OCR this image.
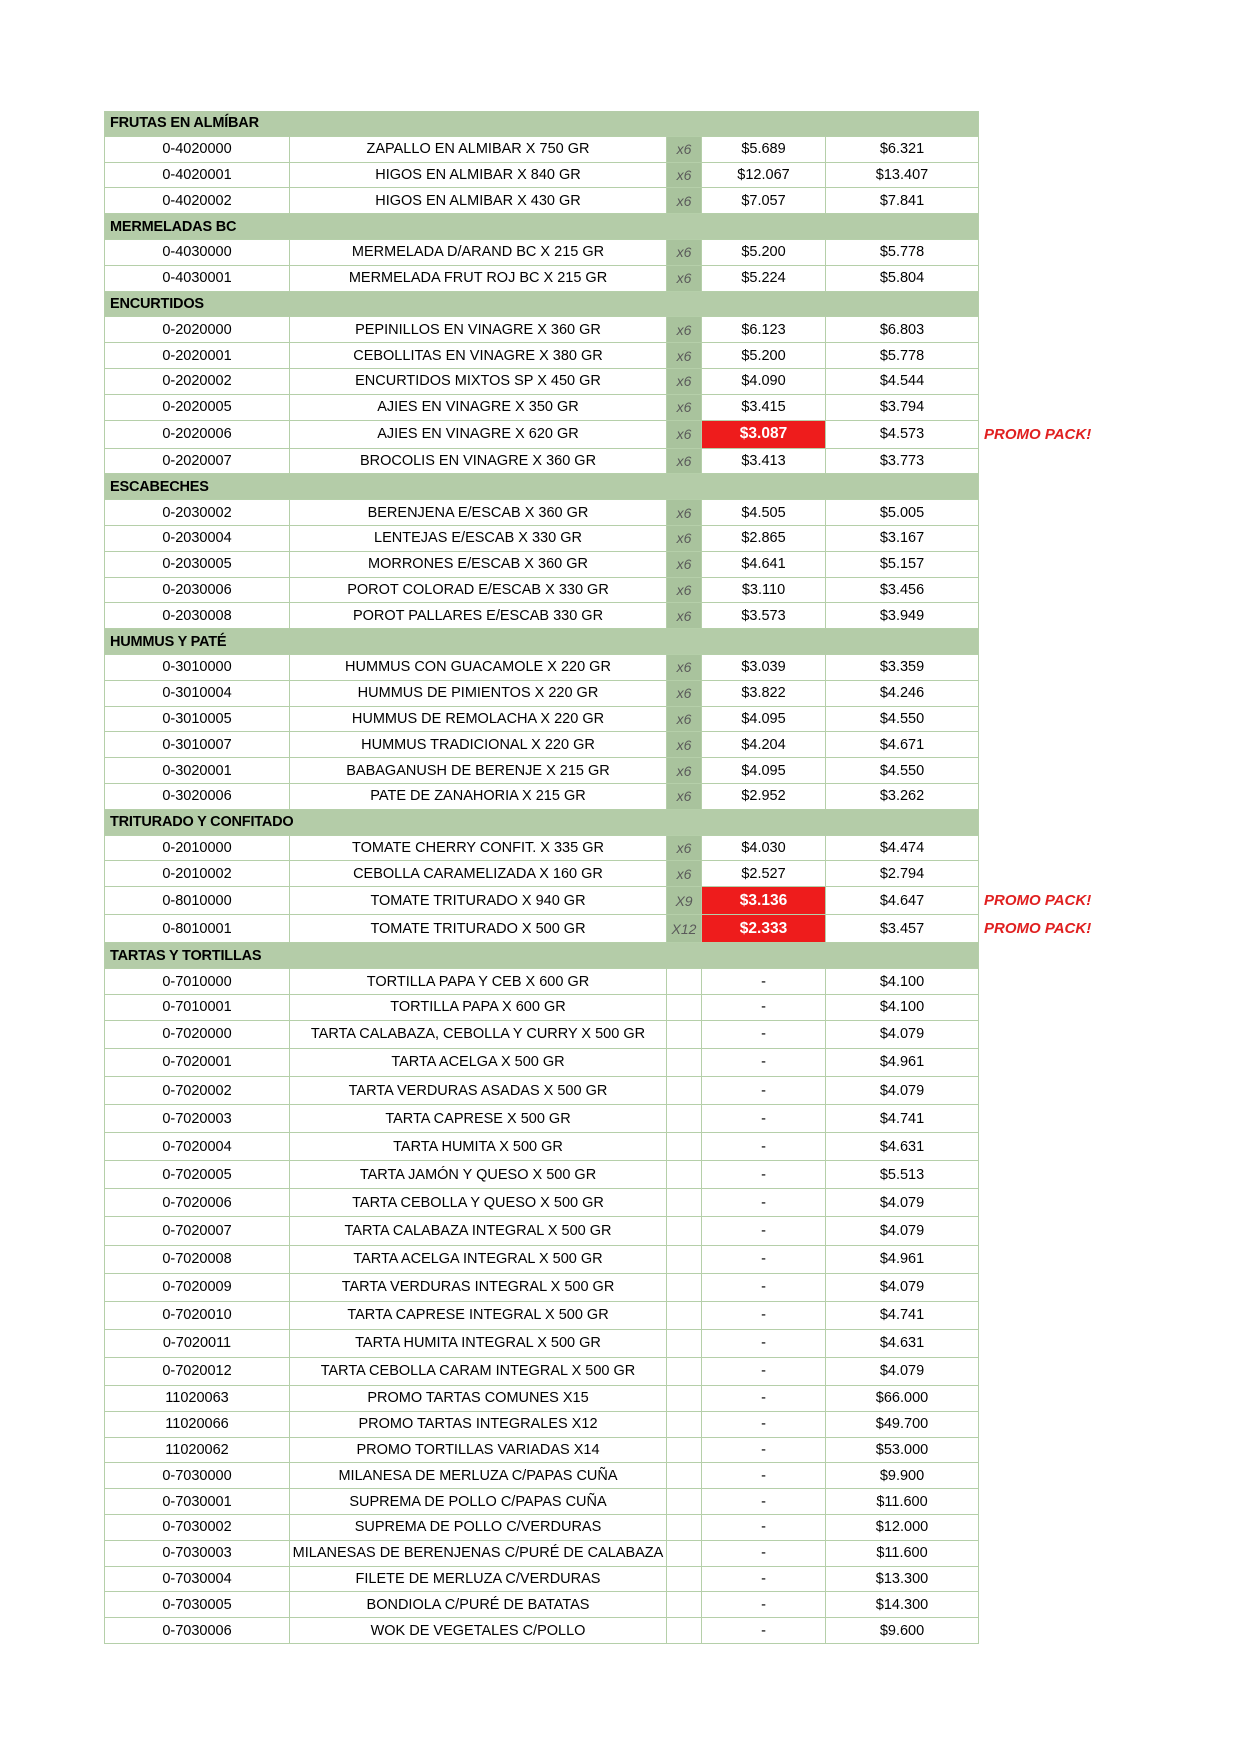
FRUTAS EN ALMÍBAR
0-4020000	ZAPALLO EN ALMIBAR X 750 GR	x6	$5.689	$6.321
0-4020001	HIGOS EN ALMIBAR X 840 GR	x6	$12.067	$13.407
0-4020002	HIGOS EN ALMIBAR X 430 GR	x6	$7.057	$7.841
MERMELADAS BC
0-4030000	MERMELADA D/ARAND BC X 215 GR	x6	$5.200	$5.778
0-4030001	MERMELADA FRUT ROJ BC X 215 GR	x6	$5.224	$5.804
ENCURTIDOS
0-2020000	PEPINILLOS EN VINAGRE X 360 GR	x6	$6.123	$6.803
0-2020001	CEBOLLITAS EN VINAGRE X 380 GR	x6	$5.200	$5.778
0-2020002	ENCURTIDOS MIXTOS SP X 450 GR	x6	$4.090	$4.544
0-2020005	AJIES EN VINAGRE X 350 GR	x6	$3.415	$3.794
0-2020006	AJIES EN VINAGRE X 620 GR	x6	$3.087	$4.573	PROMO PACK!
0-2020007	BROCOLIS EN VINAGRE X 360 GR	x6	$3.413	$3.773
ESCABECHES
0-2030002	BERENJENA E/ESCAB X 360 GR	x6	$4.505	$5.005
0-2030004	LENTEJAS E/ESCAB X 330 GR	x6	$2.865	$3.167
0-2030005	MORRONES E/ESCAB X 360 GR	x6	$4.641	$5.157
0-2030006	POROT COLORAD E/ESCAB X 330 GR	x6	$3.110	$3.456
0-2030008	POROT PALLARES E/ESCAB 330 GR	x6	$3.573	$3.949
HUMMUS Y PATÉ
0-3010000	HUMMUS CON GUACAMOLE X 220 GR	x6	$3.039	$3.359
0-3010004	HUMMUS DE PIMIENTOS X 220 GR	x6	$3.822	$4.246
0-3010005	HUMMUS DE REMOLACHA X 220 GR	x6	$4.095	$4.550
0-3010007	HUMMUS TRADICIONAL X 220 GR	x6	$4.204	$4.671
0-3020001	BABAGANUSH DE BERENJE X 215 GR	x6	$4.095	$4.550
0-3020006	PATE DE ZANAHORIA X 215 GR	x6	$2.952	$3.262
TRITURADO Y CONFITADO
0-2010000	TOMATE CHERRY CONFIT. X 335 GR	x6	$4.030	$4.474
0-2010002	CEBOLLA CARAMELIZADA X 160 GR	x6	$2.527	$2.794
0-8010000	TOMATE TRITURADO X 940 GR	X9	$3.136	$4.647	PROMO PACK!
0-8010001	TOMATE TRITURADO X 500 GR	X12	$2.333	$3.457	PROMO PACK!
TARTAS Y TORTILLAS
0-7010000	TORTILLA PAPA Y CEB X 600 GR	-	$4.100
0-7010001	TORTILLA PAPA X 600 GR	-	$4.100
0-7020000	TARTA CALABAZA, CEBOLLA Y CURRY X 500 GR	-	$4.079
0-7020001	TARTA ACELGA X 500 GR	-	$4.961
0-7020002	TARTA VERDURAS ASADAS X 500 GR	-	$4.079
0-7020003	TARTA CAPRESE X 500 GR	-	$4.741
0-7020004	TARTA HUMITA X 500 GR	-	$4.631
0-7020005	TARTA JAMÓN Y QUESO X 500 GR	-	$5.513
0-7020006	TARTA CEBOLLA Y QUESO X 500 GR	-	$4.079
0-7020007	TARTA CALABAZA INTEGRAL X 500 GR	-	$4.079
0-7020008	TARTA ACELGA INTEGRAL X 500 GR	-	$4.961
0-7020009	TARTA VERDURAS INTEGRAL X 500 GR	-	$4.079
0-7020010	TARTA CAPRESE INTEGRAL X 500 GR	-	$4.741
0-7020011	TARTA HUMITA INTEGRAL X 500 GR	-	$4.631
0-7020012	TARTA CEBOLLA CARAM INTEGRAL X 500 GR	-	$4.079
11020063	PROMO TARTAS COMUNES X15	-	$66.000
11020066	PROMO TARTAS INTEGRALES X12	-	$49.700
11020062	PROMO TORTILLAS VARIADAS X14	-	$53.000
0-7030000	MILANESA DE MERLUZA C/PAPAS CUÑA	-	$9.900
0-7030001	SUPREMA DE POLLO C/PAPAS CUÑA	-	$11.600
0-7030002	SUPREMA DE POLLO C/VERDURAS	-	$12.000
0-7030003	MILANESAS DE BERENJENAS C/PURÉ DE CALABAZA	-	$11.600
0-7030004	FILETE DE MERLUZA C/VERDURAS	-	$13.300
0-7030005	BONDIOLA C/PURÉ DE BATATAS	-	$14.300
0-7030006	WOK DE VEGETALES C/POLLO	-	$9.600
